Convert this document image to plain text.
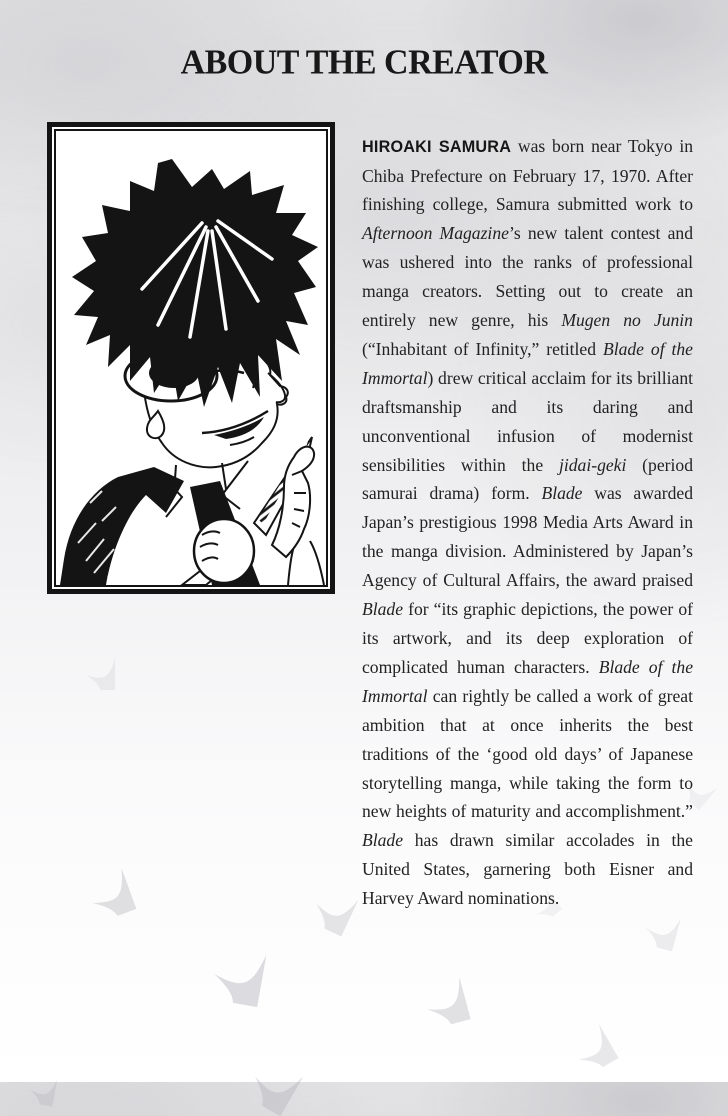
ABOUT THE CREATOR

HIROAKI SAMURA was born near Tokyo in Chiba Prefecture on February 17, 1970. After finishing college, Samura submitted work to Afternoon Magazine’s new talent contest and was ushered into the ranks of professional manga creators. Setting out to create an entirely new genre, his Mugen no Junin (“Inhabitant of Infinity,” retitled Blade of the Immortal) drew critical acclaim for its brilliant draftsmanship and its daring and unconventional infusion of modernist sensibilities within the jidai-geki (period samurai drama) form. Blade was awarded Japan’s prestigious 1998 Media Arts Award in the manga division. Administered by Japan’s Agency of Cultural Affairs, the award praised Blade for “its graphic depictions, the power of its artwork, and its deep exploration of complicated human characters. Blade of the Immortal can rightly be called a work of great ambition that at once inherits the best traditions of the ‘good old days’ of Japanese storytelling manga, while taking the form to new heights of maturity and accomplishment.” Blade has drawn similar accolades in the United States, garnering both Eisner and Harvey Award nominations.
